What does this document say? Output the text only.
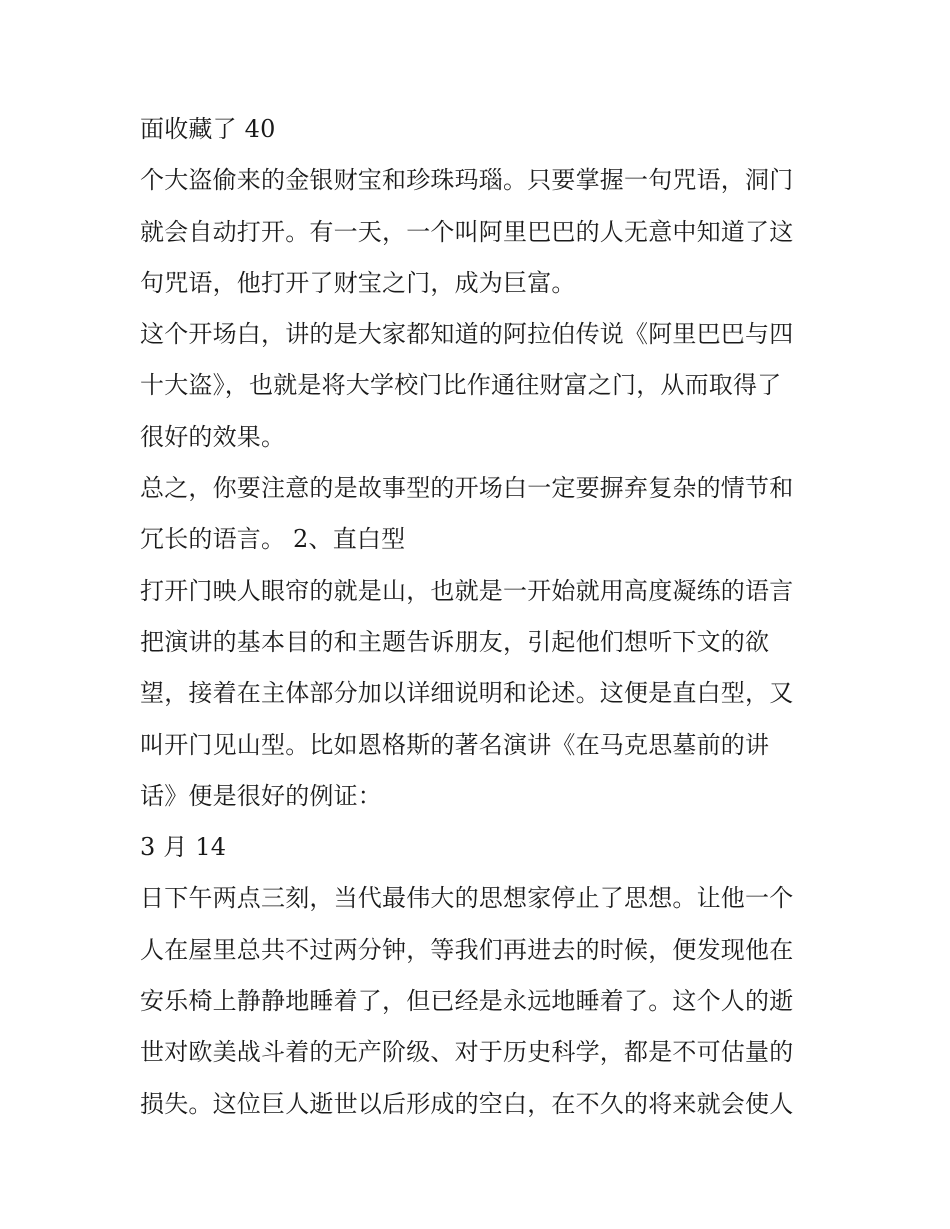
面收藏了 40
个大盗偷来的金银财宝和珍珠玛瑙。只要掌握一句咒语，洞门
就会自动打开。有一天，一个叫阿里巴巴的人无意中知道了这
句咒语，他打开了财宝之门，成为巨富。
这个开场白，讲的是大家都知道的阿拉伯传说《阿里巴巴与四
十大盗》，也就是将大学校门比作通往财富之门，从而取得了
很好的效果。
总之，你要注意的是故事型的开场白一定要摒弃复杂的情节和
冗长的语言。 2、直白型
打开门映人眼帘的就是山，也就是一开始就用高度凝练的语言
把演讲的基本目的和主题告诉朋友，引起他们想听下文的欲
望，接着在主体部分加以详细说明和论述。这便是直白型，又
叫开门见山型。比如恩格斯的著名演讲《在马克思墓前的讲
话》便是很好的例证：
3 月 14
日下午两点三刻，当代最伟大的思想家停止了思想。让他一个
人在屋里总共不过两分钟，等我们再进去的时候，便发现他在
安乐椅上静静地睡着了，但已经是永远地睡着了。这个人的逝
世对欧美战斗着的无产阶级、对于历史科学，都是不可估量的
损失。这位巨人逝世以后形成的空白，在不久的将来就会使人
